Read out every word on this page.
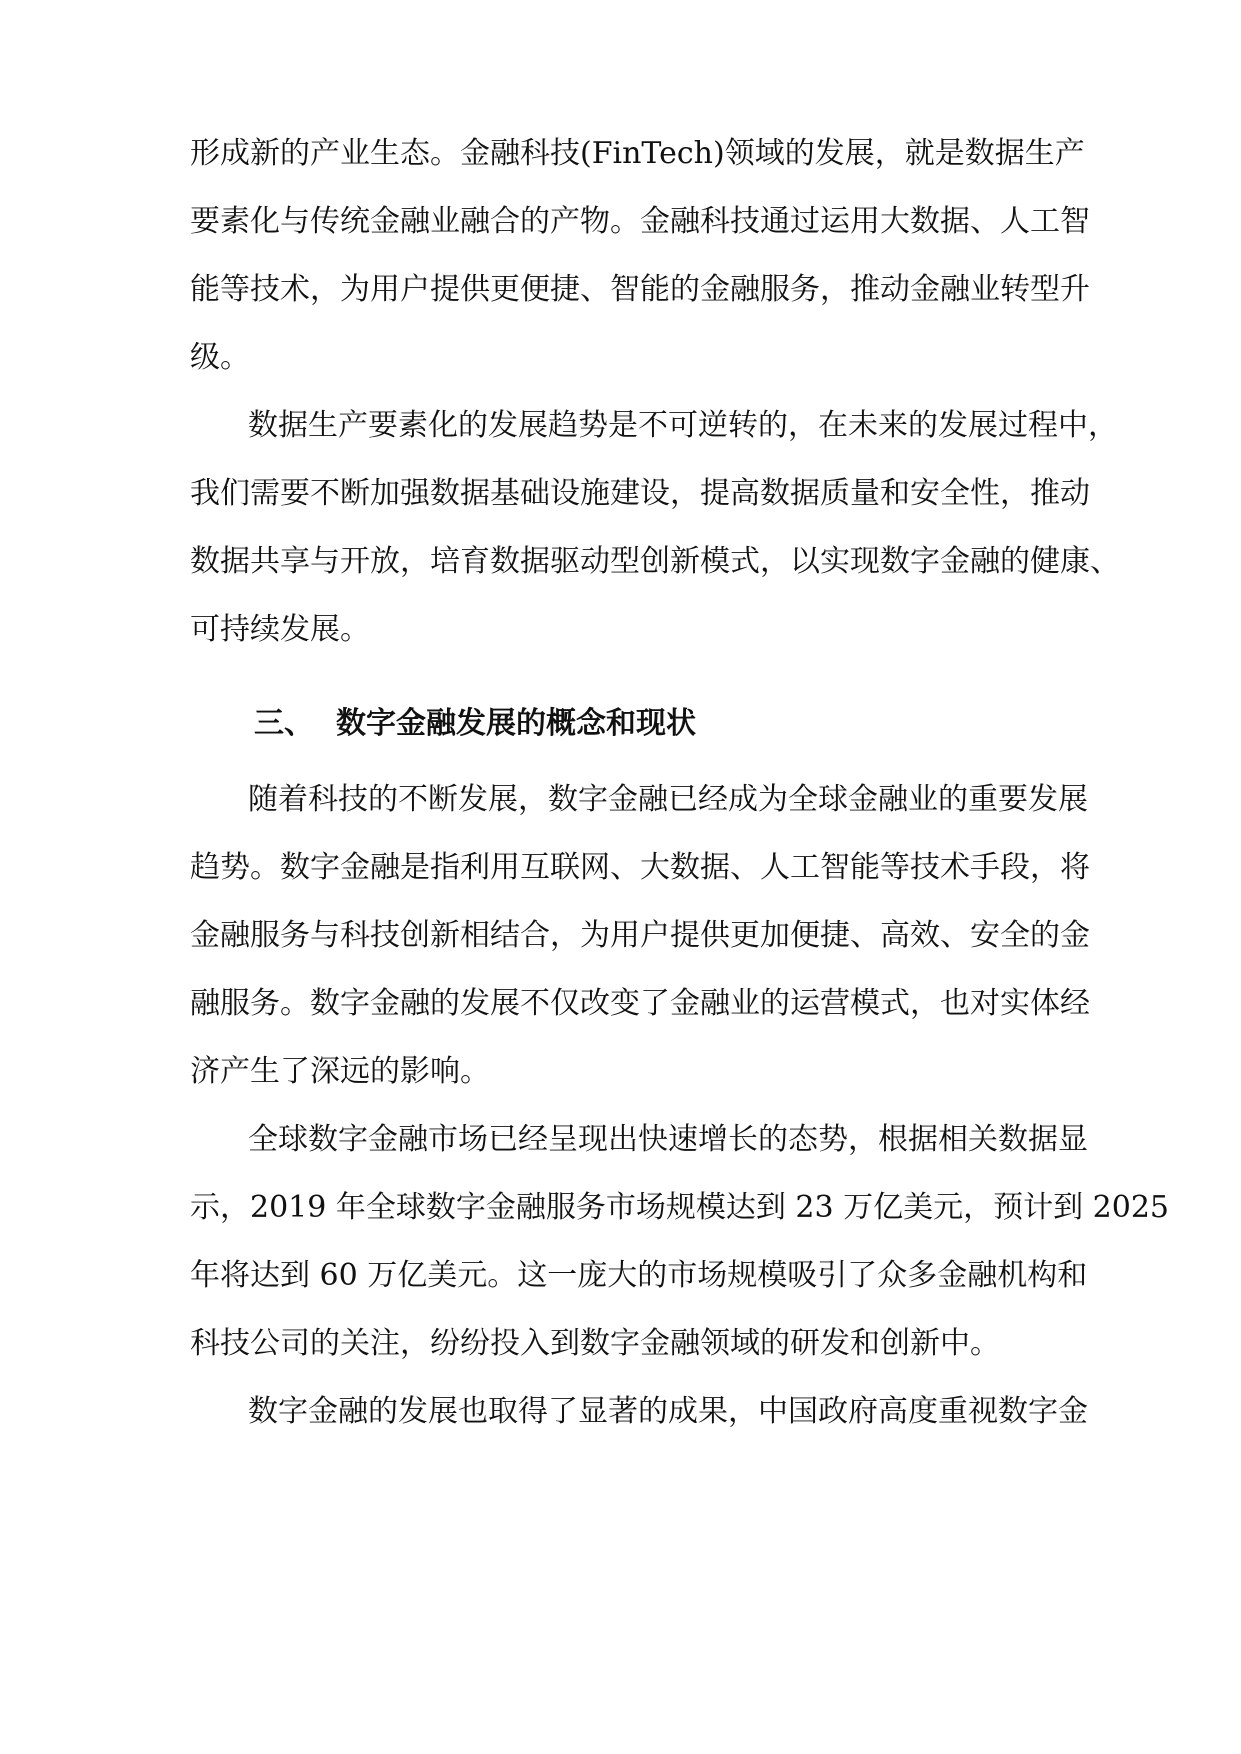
形成新的产业生态。金融科技(FinTech)领域的发展，就是数据生产
要素化与传统金融业融合的产物。金融科技通过运用大数据、人工智
能等技术，为用户提供更便捷、智能的金融服务，推动金融业转型升
级。
数据生产要素化的发展趋势是不可逆转的，在未来的发展过程中，
我们需要不断加强数据基础设施建设，提高数据质量和安全性，推动
数据共享与开放，培育数据驱动型创新模式，以实现数字金融的健康、
可持续发展。
三、 数字金融发展的概念和现状
随着科技的不断发展，数字金融已经成为全球金融业的重要发展
趋势。数字金融是指利用互联网、大数据、人工智能等技术手段，将
金融服务与科技创新相结合，为用户提供更加便捷、高效、安全的金
融服务。数字金融的发展不仅改变了金融业的运营模式，也对实体经
济产生了深远的影响。
全球数字金融市场已经呈现出快速增长的态势，根据相关数据显
示，2019 年全球数字金融服务市场规模达到 23 万亿美元，预计到 2025
年将达到 60 万亿美元。这一庞大的市场规模吸引了众多金融机构和
科技公司的关注，纷纷投入到数字金融领域的研发和创新中。
数字金融的发展也取得了显著的成果，中国政府高度重视数字金
